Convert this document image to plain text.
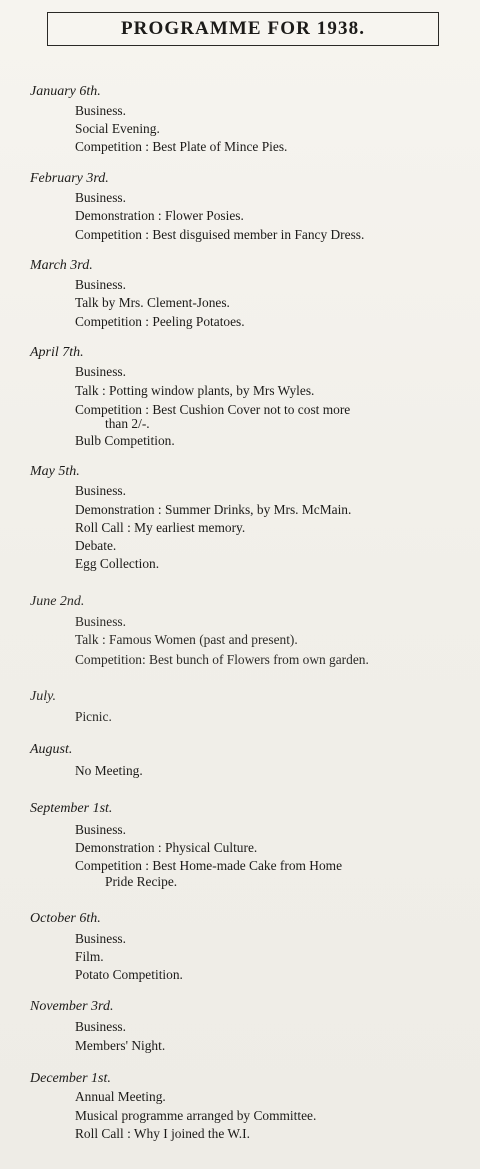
PROGRAMME FOR 1938.
January 6th.
Business.
Social Evening.
Competition : Best Plate of Mince Pies.
February 3rd.
Business.
Demonstration : Flower Posies.
Competition : Best disguised member in Fancy Dress.
March 3rd.
Business.
Talk by Mrs. Clement-Jones.
Competition : Peeling Potatoes.
April 7th.
Business.
Talk : Potting window plants, by Mrs Wyles.
Competition : Best Cushion Cover not to cost more
than 2/-.
Bulb Competition.
May 5th.
Business.
Demonstration : Summer Drinks, by Mrs. McMain.
Roll Call : My earliest memory.
Debate.
Egg Collection.
June 2nd.
Business.
Talk : Famous Women (past and present).
Competition: Best bunch of Flowers from own garden.
July.
Picnic.
August.
No Meeting.
September 1st.
Business.
Demonstration : Physical Culture.
Competition : Best Home-made Cake from Home
Pride Recipe.
October 6th.
Business.
Film.
Potato Competition.
November 3rd.
Business.
Members' Night.
December 1st.
Annual Meeting.
Musical programme arranged by Committee.
Roll Call : Why I joined the W.I.
